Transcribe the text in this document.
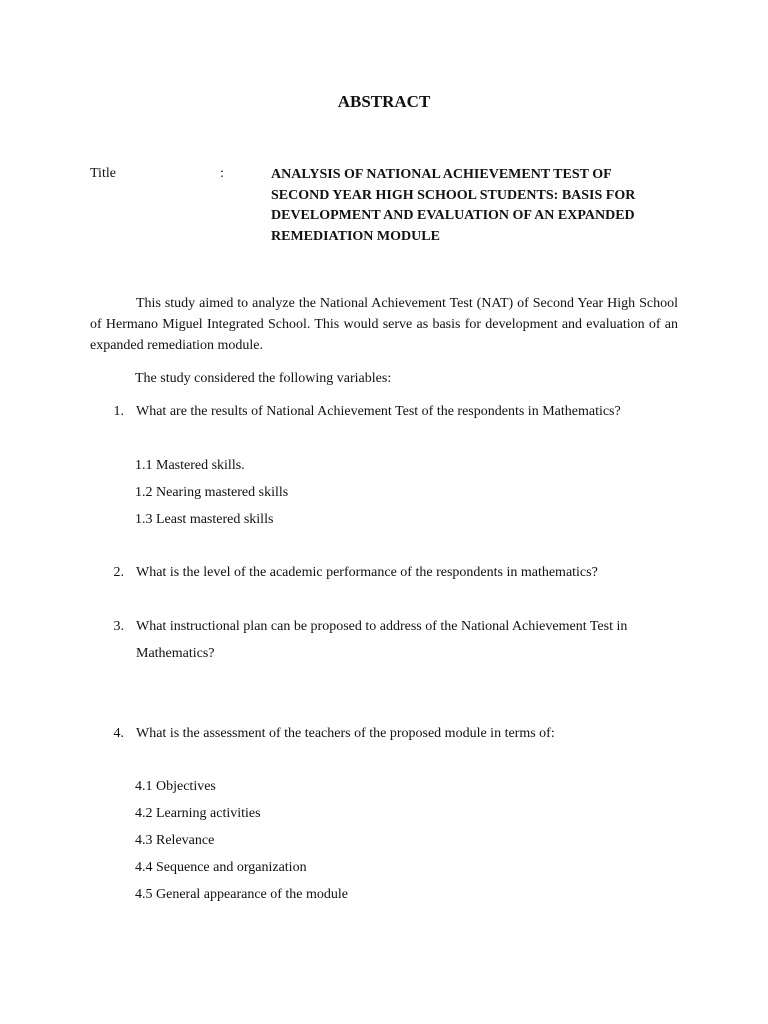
ABSTRACT
Title	:	ANALYSIS OF NATIONAL ACHIEVEMENT TEST OF
SECOND YEAR HIGH SCHOOL STUDENTS: BASIS FOR
DEVELOPMENT AND EVALUATION OF AN EXPANDED
REMEDIATION MODULE
This study aimed to analyze the National Achievement Test (NAT) of Second Year High School of Hermano Miguel Integrated School. This would serve as basis for development and evaluation of an expanded remediation module.
The study considered the following variables:
1. What are the results of National Achievement Test of the respondents in Mathematics?
1.1 Mastered skills.
1.2 Nearing mastered skills
1.3 Least mastered skills
2. What is the level of the academic performance of the respondents in mathematics?
3. What instructional plan can be proposed to address of the National Achievement Test in
Mathematics?
4. What is the assessment of the teachers of the proposed module in terms of:
4.1 Objectives
4.2 Learning activities
4.3 Relevance
4.4 Sequence and organization
4.5 General appearance of the module
